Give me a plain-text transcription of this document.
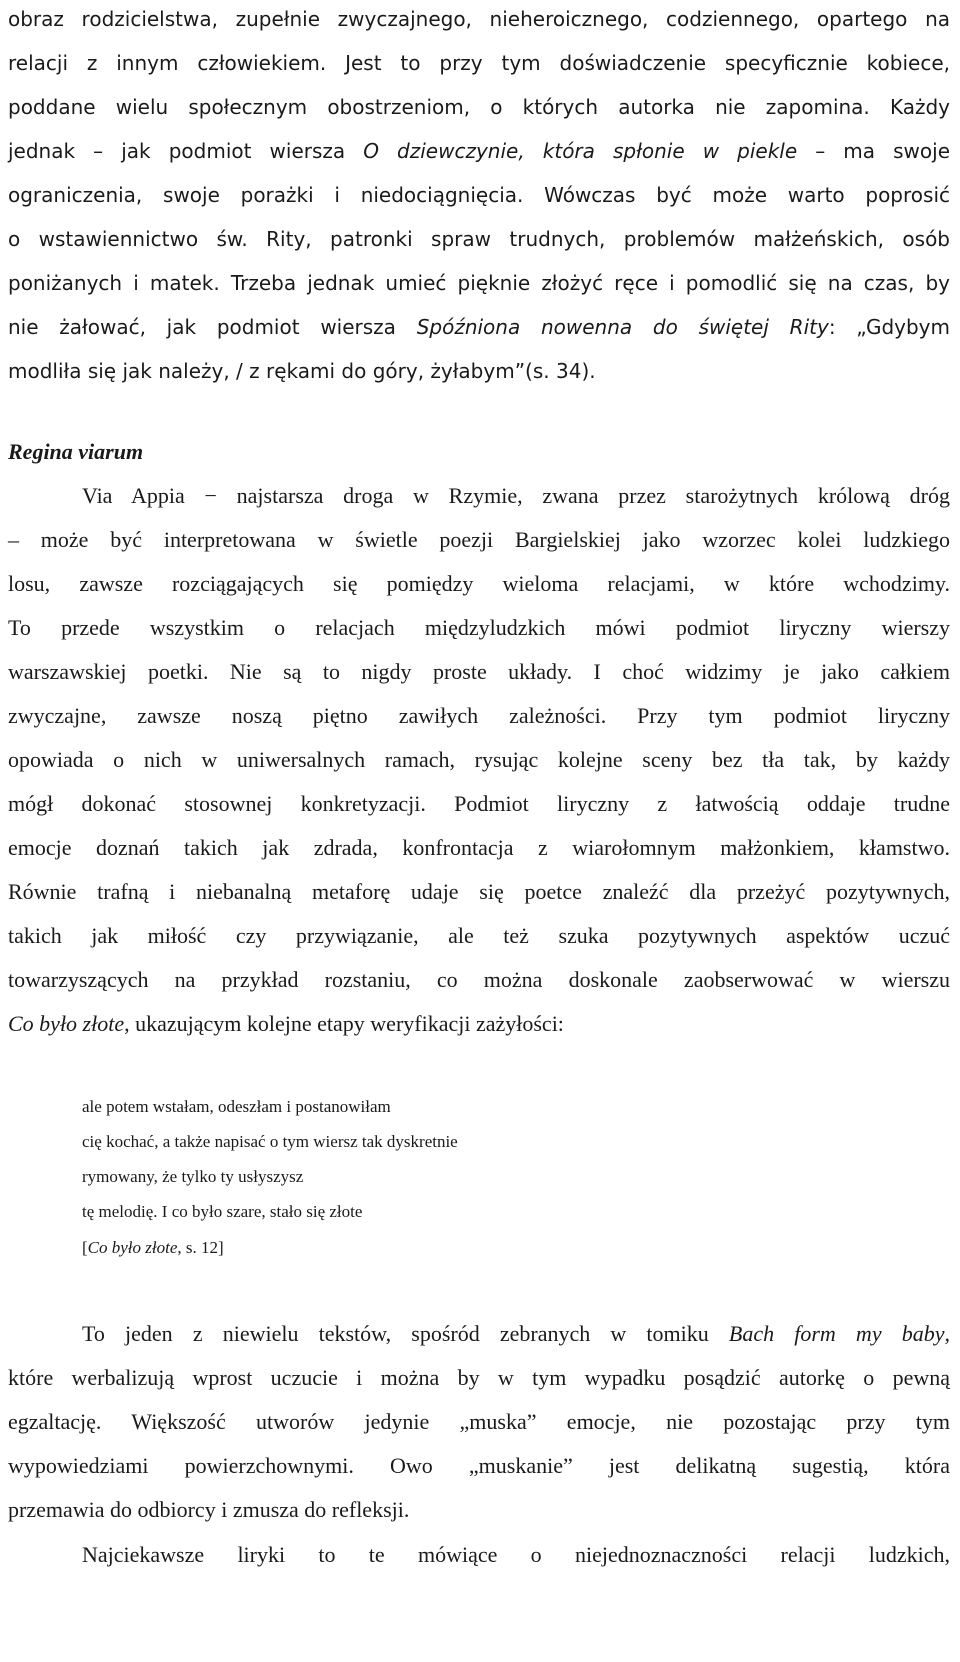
obraz rodzicielstwa, zupełnie zwyczajnego, nieheroicznego, codziennego, opartego na
relacji z innym człowiekiem. Jest to przy tym doświadczenie specyficznie kobiece,
poddane wielu społecznym obostrzeniom, o których autorka nie zapomina. Każdy
jednak – jak podmiot wiersza O dziewczynie, która spłonie w piekle – ma swoje
ograniczenia, swoje porażki i niedociągnięcia. Wówczas być może warto poprosić
o wstawiennictwo św. Rity, patronki spraw trudnych, problemów małżeńskich, osób
poniżanych i matek. Trzeba jednak umieć pięknie złożyć ręce i pomodlić się na czas, by
nie żałować, jak podmiot wiersza Spóźniona nowenna do świętej Rity: „Gdybym
modliła się jak należy, / z rękami do góry, żyłabym”(s. 34).
Regina viarum
Via Appia − najstarsza droga w Rzymie, zwana przez starożytnych królową dróg
– może być interpretowana w świetle poezji Bargielskiej jako wzorzec kolei ludzkiego
losu, zawsze rozciągających się pomiędzy wieloma relacjami, w które wchodzimy.
To przede wszystkim o relacjach międzyludzkich mówi podmiot liryczny wierszy
warszawskiej poetki. Nie są to nigdy proste układy. I choć widzimy je jako całkiem
zwyczajne, zawsze noszą piętno zawiłych zależności. Przy tym podmiot liryczny
opowiada o nich w uniwersalnych ramach, rysując kolejne sceny bez tła tak, by każdy
mógł dokonać stosownej konkretyzacji. Podmiot liryczny z łatwością oddaje trudne
emocje doznań takich jak zdrada, konfrontacja z wiarołomnym małżonkiem, kłamstwo.
Równie trafną i niebanalną metaforę udaje się poetce znaleźć dla przeżyć pozytywnych,
takich jak miłość czy przywiązanie, ale też szuka pozytywnych aspektów uczuć
towarzyszących na przykład rozstaniu, co można doskonale zaobserwować w wierszu
Co było złote, ukazującym kolejne etapy weryfikacji zażyłości:
ale potem wstałam, odeszłam i postanowiłam
cię kochać, a także napisać o tym wiersz tak dyskretnie
rymowany, że tylko ty usłyszysz
tę melodię. I co było szare, stało się złote
[Co było złote, s. 12]
To jeden z niewielu tekstów, spośród zebranych w tomiku Bach form my baby,
które werbalizują wprost uczucie i można by w tym wypadku posądzić autorkę o pewną
egzaltację. Większość utworów jedynie „muska” emocje, nie pozostając przy tym
wypowiedziami powierzchownymi. Owo „muskanie” jest delikatną sugestią, która
przemawia do odbiorcy i zmusza do refleksji.
Najciekawsze liryki to te mówiące o niejednoznaczności relacji ludzkich,
